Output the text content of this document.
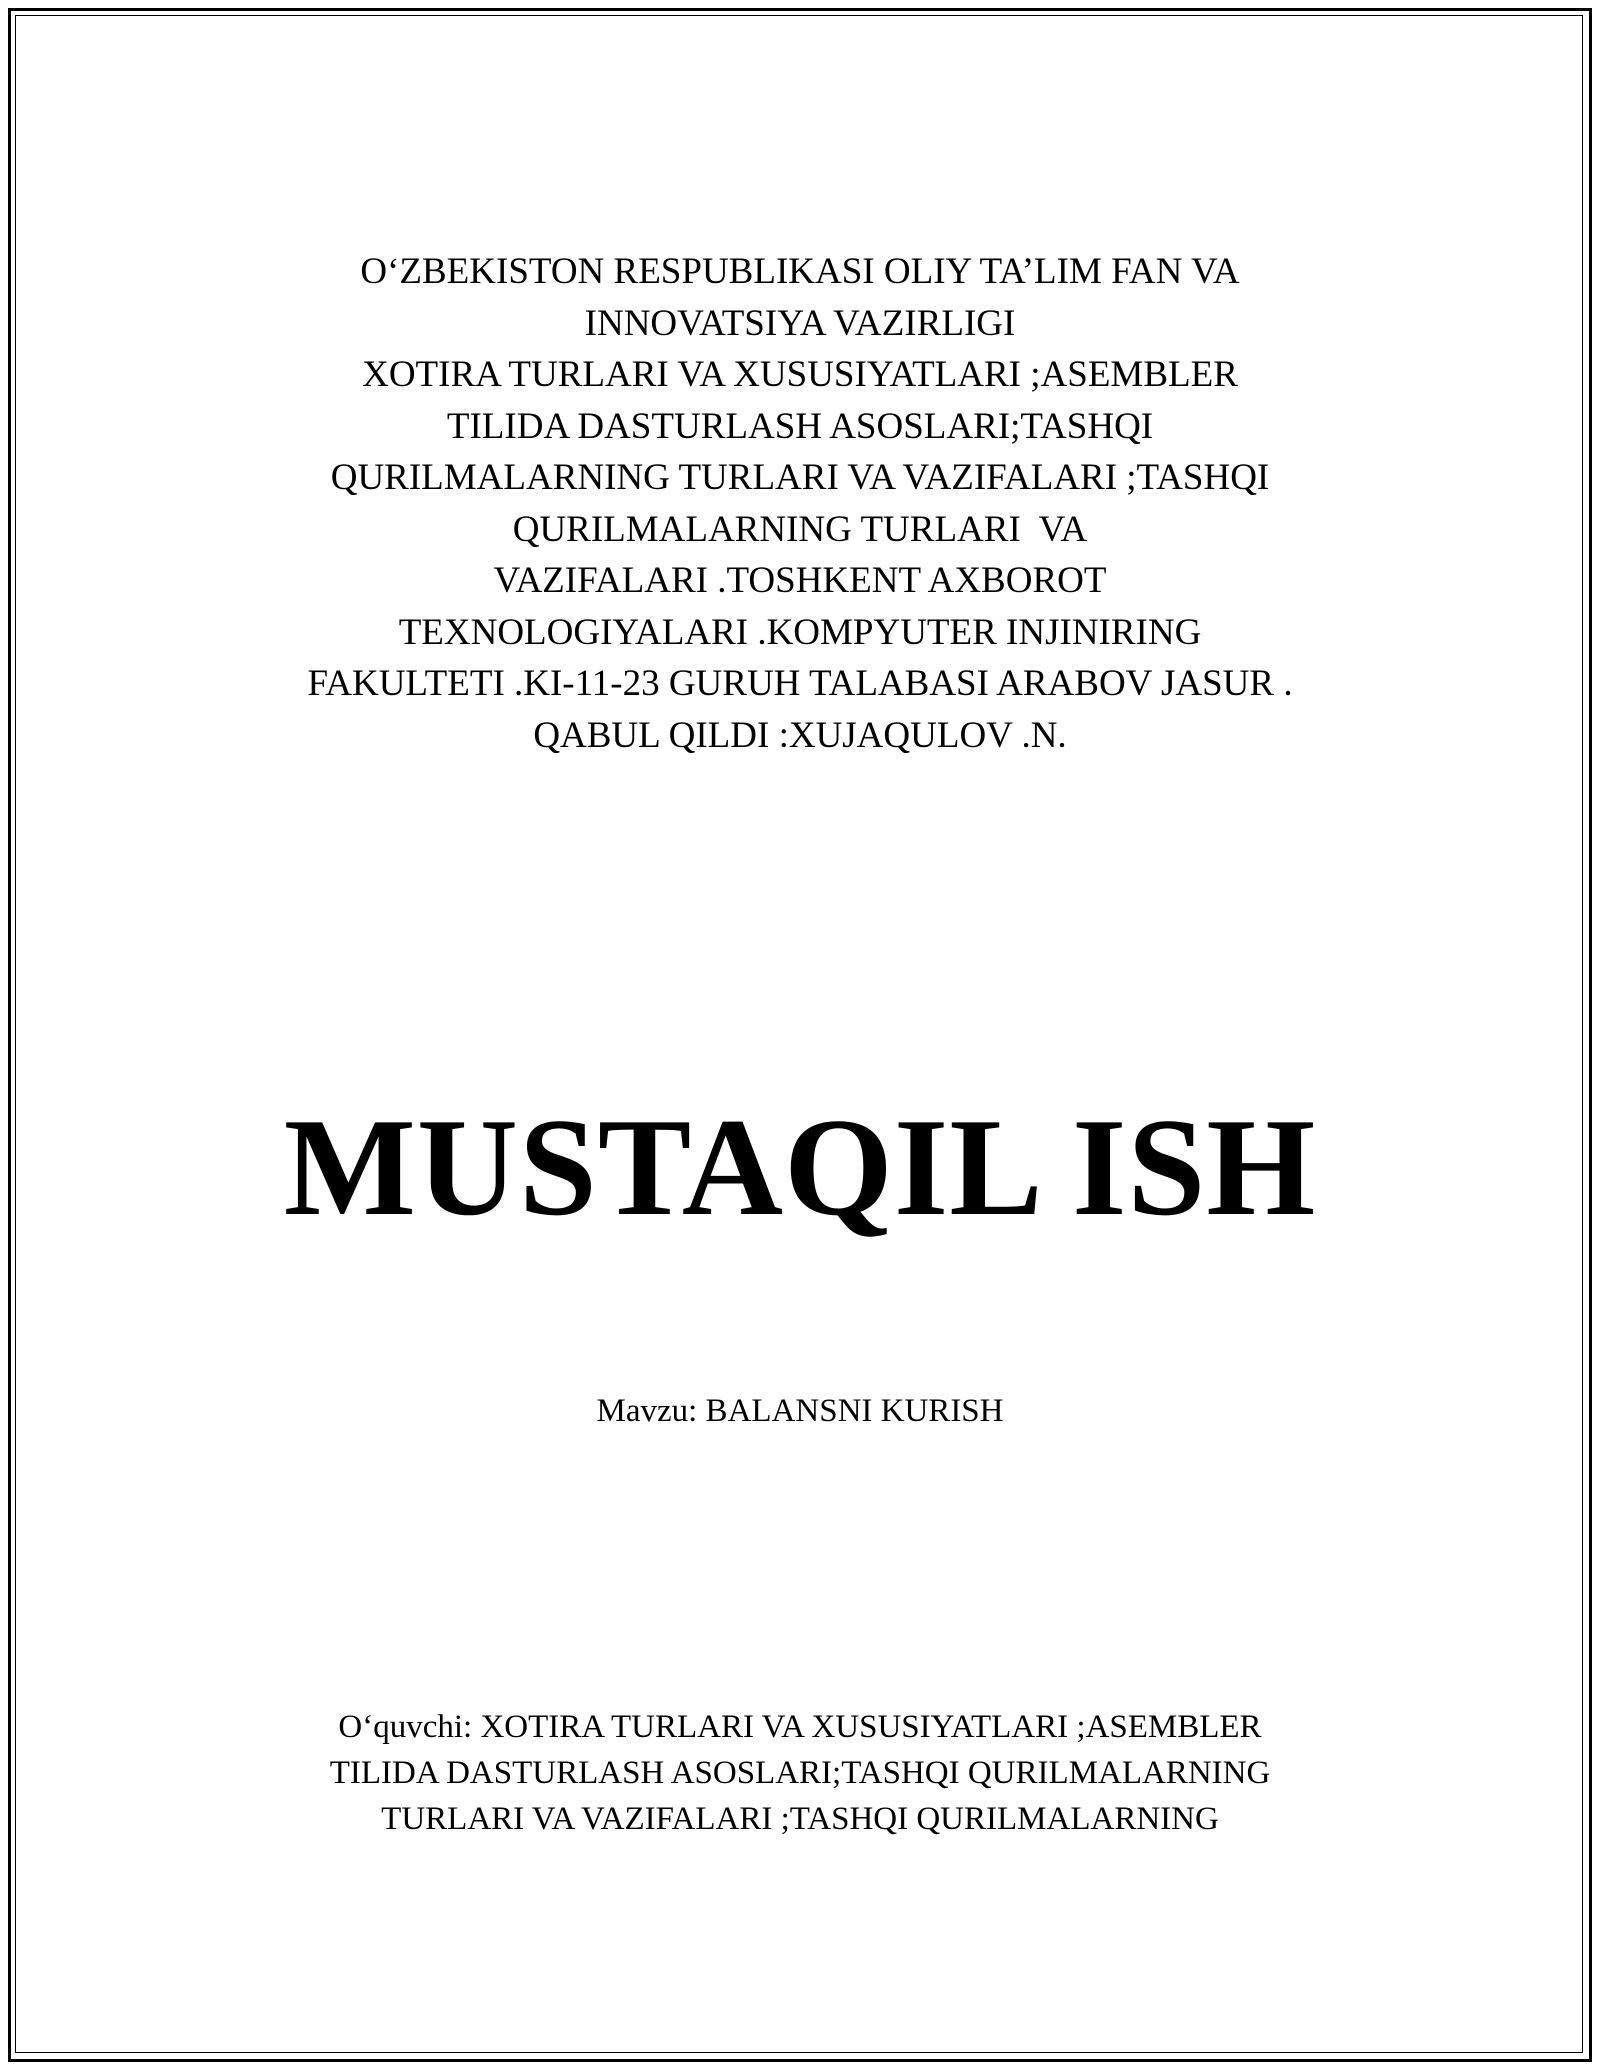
O‘ZBEKISTON RESPUBLIKASI OLIY TA’LIM FAN VA
INNOVATSIYA VAZIRLIGI
XOTIRA TURLARI VA XUSUSIYATLARI ;ASEMBLER
TILIDA DASTURLASH ASOSLARI;TASHQI
QURILMALARNING TURLARI VA VAZIFALARI ;TASHQI
QURILMALARNING TURLARI  VA
VAZIFALARI .TOSHKENT AXBOROT
TEXNOLOGIYALARI .KOMPYUTER INJINIRING
FAKULTETI .KI-11-23 GURUH TALABASI ARABOV JASUR .
QABUL QILDI :XUJAQULOV .N.
MUSTAQIL ISH
Mavzu: BALANSNI KURISH
O‘quvchi: XOTIRA TURLARI VA XUSUSIYATLARI ;ASEMBLER
TILIDA DASTURLASH ASOSLARI;TASHQI QURILMALARNING
TURLARI VA VAZIFALARI ;TASHQI QURILMALARNING
